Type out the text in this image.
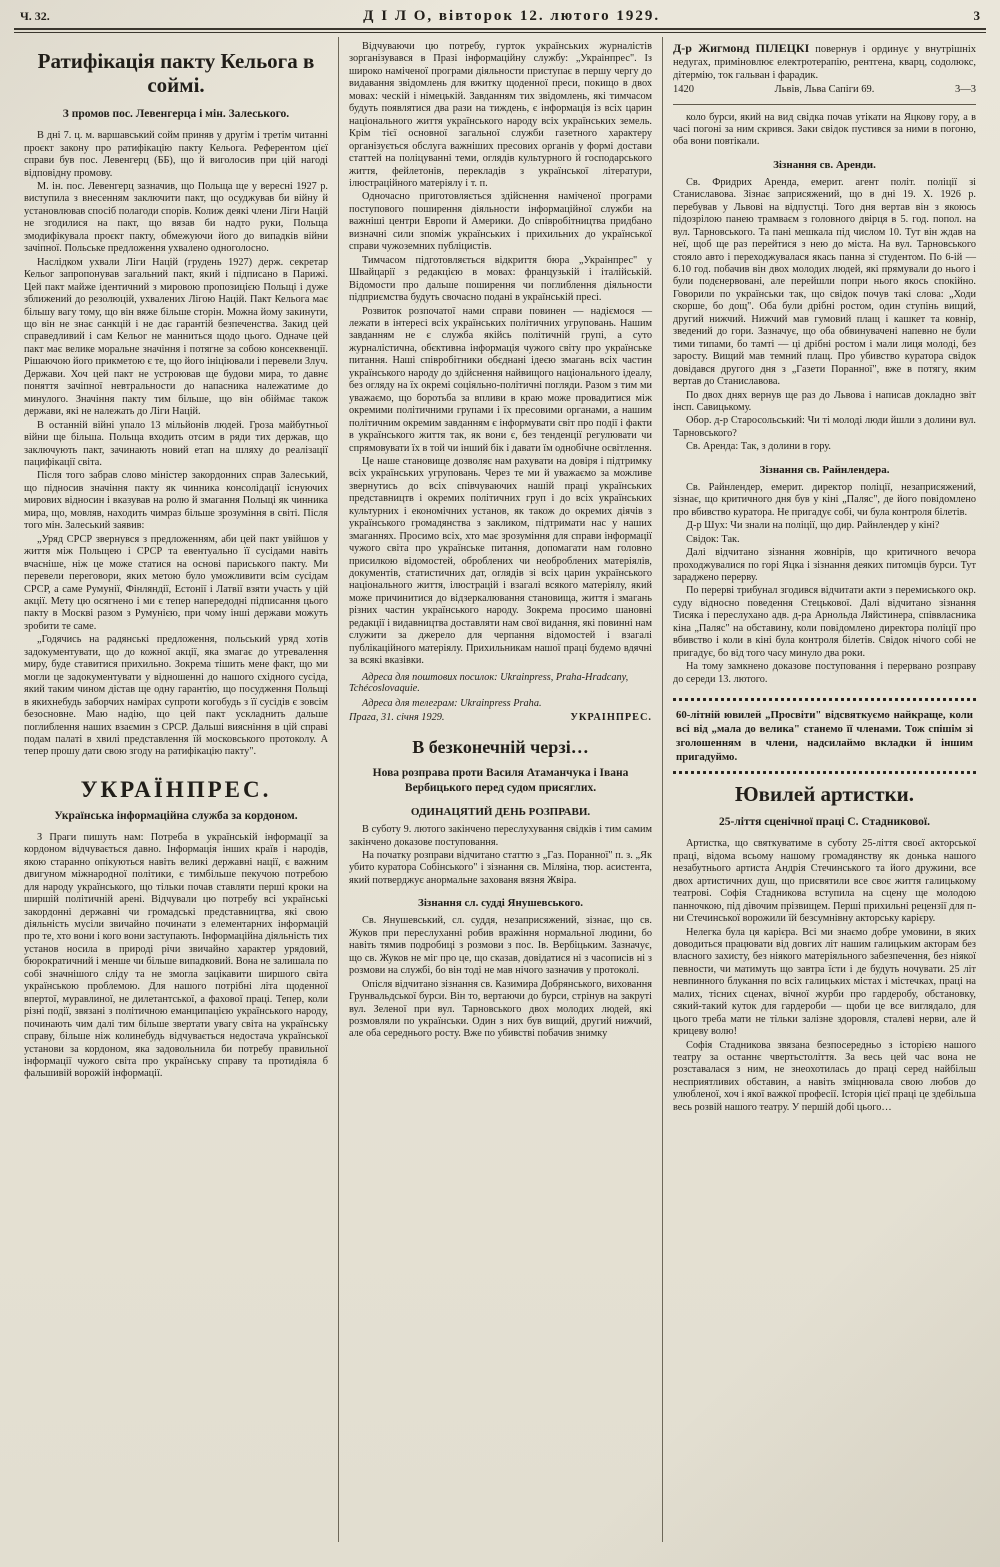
Ч. 32.	Д І Л О, вівторок 12. лютого 1929.	3
Ратифікація пакту Кельога в соймі.
З промов пос. Левенгерца і мін. Залеського.

В дні 7. ц. м. варшавський сойм приняв у другім і третім читанні проєкт закону про ратифікацію пакту Кельога. Референтом цієї справи був пос. Левенгерц (ББ), що й виголосив при цій нагоді відповідну промову.

М. ін. пос. Левенгерц зазначив, що Польща ще у вересні 1927 р. виступила з внесенням заключити пакт, що осуджував би війну й установлював спосіб полагоди спорів. Колиж деякі члени Ліги Націй не згодилися на пакт, що вязав би надто руки, Польща змодифікувала проєкт пакту, обмежуючи його до випадків війни зачіпної. Польське предложення ухвалено одноголосно.

Наслідком ухвали Ліги Націй (грудень 1927) держ. секретар Кельог запропонував загальний пакт, який і підписано в Парижі. Цей пакт майже ідентичний з мировою пропозицією Польщі і дуже зближений до резолюцій, ухвалених Лігою Націй. Пакт Кельога має більшу вагу тому, що він вяже більше сторін. Можна йому закинути, що він не знає санкцій і не дає гарантій безпеченства. Закид цей справедливий і сам Кельог не манниться щодо цього. Одначе цей пакт має велике моральне значіння і потягне за собою консеквенції. Рішаючою його прикметою є те, що його ініціювали і перевели Злуч. Держави. Хоч цей пакт не устроював ще будови мира, то давнє поняття зачіпної невтральности до напасника належатиме до минулого. Значіння пакту тим більше, що він обіймає також держави, які не належать до Ліги Націй.

В останній війні упало 13 мільйонів людей. Гроза майбутньої війни ще більша. Польща входить отсим в ряди тих держав, що заключують пакт, зачинають новий етап на шляху до реалізації пацифікації світа.

Після того забрав слово міністер закордонних справ Залеський, що підносив значіння пакту як чинника консолідації існуючих мирових відносин і вказував на ролю й змагання Польщі як чинника мира, що, мовляв, находить чимраз більше зрозуміння в світі. Після того мін. Залеський заявив:

„Уряд СРСР звернувся з предложенням, аби цей пакт увійшов у життя між Польщею і СРСР та евентуально її сусідами навіть вчасніше, ніж це може статися на основі париського пакту. Ми перевели переговори, яких метою було уможливити всім сусідам СРСР, а саме Румунії, Фінляндії, Естонії і Латвії взяти участь у цій акції. Мету цю осягнено і ми є тепер напередодні підписання цього пакту в Москві разом з Румунією, при чому інші держави можуть зробити те саме.

„Годячись на радянські предложення, польський уряд хотів задокументувати, що до кожної акції, яка змагає до утревалення миру, буде ставитися прихильно. Зокрема тішить мене факт, що ми могли це задокументувати у відношенні до нашого східного сусіда, який таким чином дістав ще одну гарантію, що посудження Польщі в якихнебудь заборчих намірах супроти когобудь з її сусідів є зовсім безосновне. Маю надію, що цей пакт ускладнить дальше поглиблення наших взаємин з СРСР. Дальші виясніння в цій справі подам палаті в хвилі представлення їй московського протоколу. А тепер прошу дати свою згоду на ратифікацію пакту".

УКРАЇНПРЕС.
Українська інформаційна служба за кордоном.

З Праги пишуть нам: Потреба в українській інформації за кордоном відчувається давно. Інформація інших країв і народів, якою старанно опікуються навіть великі державні нації, є важним двигуном міжнародної політики, є тимбільше пекучою потребою для народу українського, що тільки почав ставляти перші кроки на ширшій політичній арені. Відчували цю потребу всі українські закордонні державні чи громадські представництва, які свою діяльність мусіли звичайно починати з елементарних інформацій про те, хто вони і кого вони заступають. Інформаційна діяльність тих установ носила в природі річи звичайно характер урядовий, бюрократичний і менше чи більше випадковий. Вона не залишала по собі значнішого сліду та не змогла зацікавити ширшого світа українською проблемою. Для нашого потрібні літа щоденної впертої, муравлиної, не дилетантської, а фахової праці. Тепер, коли різні події, звязані з політичною еманципацією українського народу, починають чим далі тим більше звертати увагу світа на українську справу, більше ніж колинебудь відчувається недостача української установи за кордоном, яка задовольнила би потребу правильної інформації чужого світа про українську справу та протидіяла б фальшивій ворожій інформації.

Відчуваючи цю потребу, гурток українських журналістів зорганізувався в Празі інформаційну службу: „Украінпрес". Із широко наміченої програми діяльности приступає в першу чергу до видавання звідомлень для вжитку щоденної преси, покищо в двох мовах: ческій і німецькій. Завданням тих звідомлень, які тимчасом будуть появлятися два рази на тиждень, є інформація із всіх царин національного життя українського народу всіх українських земель. Крім тієї основної загальної служби газетного характеру організується обслуга важніших пресових органів у формі достави статтей на поліцуванні теми, оглядів культурного й господарського життя, фейлетонів, перекладів з української літератури, ілюстраційного матеріялу і т. п.

Одночасно приготовляється здійснення наміченої програми поступового поширення діяльности інформаційної служби на важніші центри Европи й Америки. До співробітництва придбано визначні сили зпоміж українських і прихильних до української справи чужоземних публіцистів.

Тимчасом підготовляється відкриття бюра „Украінпрес" у Швайцарії з редакцією в мовах: французькій і італійській. Відомости про дальше поширення чи поглиблення діяльности підприємства будуть свочасно подані в українській пресі.

Розвиток розпочатої нами справи повинен — надіємося — лежати в інтересі всіх українських політичних угруповань. Нашим завданням не є служба якійсь політичній групі, а суто журналістична, обєктивна інформація чужого світу про українське питання. Наші співробітники обєднані ідеєю змагань всіх частин українського народу до здійснення найвищого національного ідеалу, без огляду на їх окремі соціяльно-політичні погляди. Разом з тим ми уважаємо, що боротьба за впливи в краю може провадитися між окремими політичними групами і їх пресовими органами, а нашим політичним окремим завданням є інформувати світ про події і факти в українського життя так, як вони є, без тенденції регулювати чи спрямовувати їх в той чи інший бік і давати їм однобічне освітлення.

Це наше становище дозволяє нам рахувати на довіря і підтримку всіх українських угруповань. Через те ми й уважаємо за можливе звернутись до всіх співчуваючих нашій праці українських представництв і окремих політичних груп і до всіх українських культурних і економічних установ, як також до окремих діячів з українського громадянства з закликом, підтримати нас у наших змаганнях. Просимо всіх, хто має зрозуміння для справи інформації чужого світа про українське питання, допомагати нам головно присилкою відомостей, оброблених чи необроблених матеріялів, документів, статистичних дат, оглядів зі всіх царин українського національного життя, ілюстрацій і взагалі всякого матеріялу, який може причинитися до відзеркалювання становища, життя і змагань різних частин українського народу. Зокрема просимо шановні редакції і видавництва доставляти нам свої видання, які повинні нам служити за джерело для черпання відомостей і взагалі публікаційного матеріялу. Прихильникам нашої праці будемо вдячні за всякі вказівки.

Адреса для поштових посилок: Ukrainpress, Praha-Hradcany, Tchécoslovaquie.

Адреса для телеграм: Ukrainpress Praha.

Прага, 31. січня 1929.	УКРАІНПРЕС.
В безконечній черзі…
Нова розправа проти Василя Атаманчука і Івана Вербицького перед судом присяглих.
ОДИНАЦЯТИЙ ДЕНЬ РОЗПРАВИ.

В суботу 9. лютого закінчено переслухування свідків і тим самим закінчено доказове поступовання.

На початку розправи відчитано статтю з „Газ. Поранної" п. з. „Як убито куратора Собінського" і зізнання св. Міляіна, тюр. асистента, який потверджує анормальне захованя вязня Жвіра.

Зізнання сл. судді Янушевського.

Св. Янушевський, сл. суддя, незаприсяжений, зізнає, що св. Жуков при переслуханні робив вражіння нормальної людини, бо навіть тямив подробиці з розмови з пос. Ів. Вербіцьким. Зазначує, що св. Жуков не міг про це, що сказав, довідатися ні з часописів ні з розмови на службі, бо він тоді не мав нічого зазначив у протоколі.

Опісля відчитано зізнання св. Казимира Добрянського, виховання Грунвальдської бурси. Він то, вертаючи до бурси, стрінув на закруті вул. Зеленої при вул. Тарновського двох молодих людей, які розмовляли по українськи. Один з них був вищий, другий нижчий, але оба середнього росту. Вже по убивстві побачив знимку

Д-р Жигмонд ПІЛЕЦКІ повернув і ординує у внутрішніх недугах, приміновлює електротерапію, рентгена, кварц, содолюкс, дітермію, ток гальван і фарадик.
1420	Львів, Льва Сапіги 69.	3—3

коло бурси, який на вид свідка почав утікати на Яцкову гору, а в часі погоні за ним скрився. Заки свідок пустився за ними в погоню, оба вони повтікали.

Зізнання св. Аренди.

Св. Фридрих Аренда, емерит. агент політ. поліції зі Станиславова. Зізнає заприсяжений, що в дні 19. X. 1926 р. перебував у Львові на відпустці. Того дня вертав він з якоюсь підозрілою панею трамваєм з головного двірця в 5. год. попол. на вул. Тарновського. Та пані мешкала під числом 10. Тут він ждав на неї, щоб ще раз перейтися з нею до міста. На вул. Тарновського стояло авто і переходжувалася якась панна зі студентом. По 6-ій — 6.10 год. побачив він двох молодих людей, які прямували до нього і були подєнервовані, але перейшли попри нього якось спокійно. Говорили по українськи так, що свідок почув такі слова: „Ходи скорше, бо дощ". Оба були дрібні ростом, один ступінь вищий, другий нижчий. Нижчий мав гумовий плащ і кашкет та ковнір, зведений до гори. Зазначує, що оба обвинувачені напевно не були тими типами, бо тамті — ці дрібні ростом і мали лиця молоді, без заросту. Вищий мав темний плащ. Про убивство куратора свідок довідався другого дня з „Газети Поранної", вже в потягу, яким вертав до Станиславова.

По двох днях вернув ще раз до Львова і написав докладно звіт інсп. Савицькому.

Обор. д-р Старосольський: Чи ті молоді люди йшли з долини вул. Тарновського?

Св. Аренда: Так, з долини в гору.

Зізнання св. Райнлендера.

Св. Райнлендер, емерит. директор поліції, незаприсяжений, зізнає, що критичного дня був у кіні „Паляс", де його повідомлено про вбивство куратора. Не пригадує собі, чи була контроля білетів.

Д-р Шух: Чи знали на поліції, що дир. Райнлендер у кіні?

Свідок: Так.

Далі відчитано зізнання жовнірів, що критичного вечора проходжувалися по горі Яцка і зізнання деяких питомців бурси. Тут зараджено перерву.

По перерві трибунал згодився відчитати акти з перемиського окр. суду відносно поведення Стецькової. Далі відчитано зізнання Тисяка і переслухано адв. д-ра Арнольда Ляйстинера, співвласника кіна „Паляс" на обставину, коли повідомлено директора поліції про вбивство і коли в кіні була контроля білетів. Свідок нічого собі не пригадує, бо від того часу минуло два роки.

На тому замкнено доказове поступовання і перервано розправу до середи 13. лютого.

60-літній ювилей „Просвіти" відсвяткуємо найкраще, коли всі від „мала до велика" станемо її членами. Тож спішім зі зголошенням в члени, надсилаймо вкладки й іншим пригадуймо.
Ювилей артистки.
25-ліття сценічної праці С. Стадникової.

Артистка, що святкуватиме в суботу 25-ліття своєї акторської праці, відома всьому нашому громадянству як донька нашого незабутнього артиста Андрія Стечинського та його дружини, все двох артистичних душ, що присвятили все своє життя галицькому театрові. Софія Стадникова вступила на сцену ще молодою панночкою, під дівочим прізвищем. Перші прихильні рецензії для п-ни Стечинської ворожили їй безсумнівну акторську карієру.

Нелегка була ця карієра. Всі ми знаємо добре умовини, в яких доводиться працювати від довгих літ нашим галицьким акторам без власного захисту, без ніякого матеріяльного забезпечення, без ніякої певности, чи матимуть що завтра їсти і де будуть ночувати. 25 літ невпинного блукання по всіх галицьких містах і містечках, праці на малих, тісних сценах, вічної журби про гардеробу, обстановку, сякий-такий куток для гардероби — щоби це все виглядало, для цього треба мати не тільки залізне здоровля, сталеві нерви, але й крицеву волю!

Софія Стадникова звязана безпосередньо з історією нашого театру за останнє чвертьстоліття. За весь цей час вона не розставалася з ним, не знеохотилась до праці серед найбільш несприятливих обставин, а навіть зміцнювала свою любов до улюбленої, хоч і якої важкої професії. Історія цієї праці це здебільша весь розвій нашого театру. У першій добі цього…
